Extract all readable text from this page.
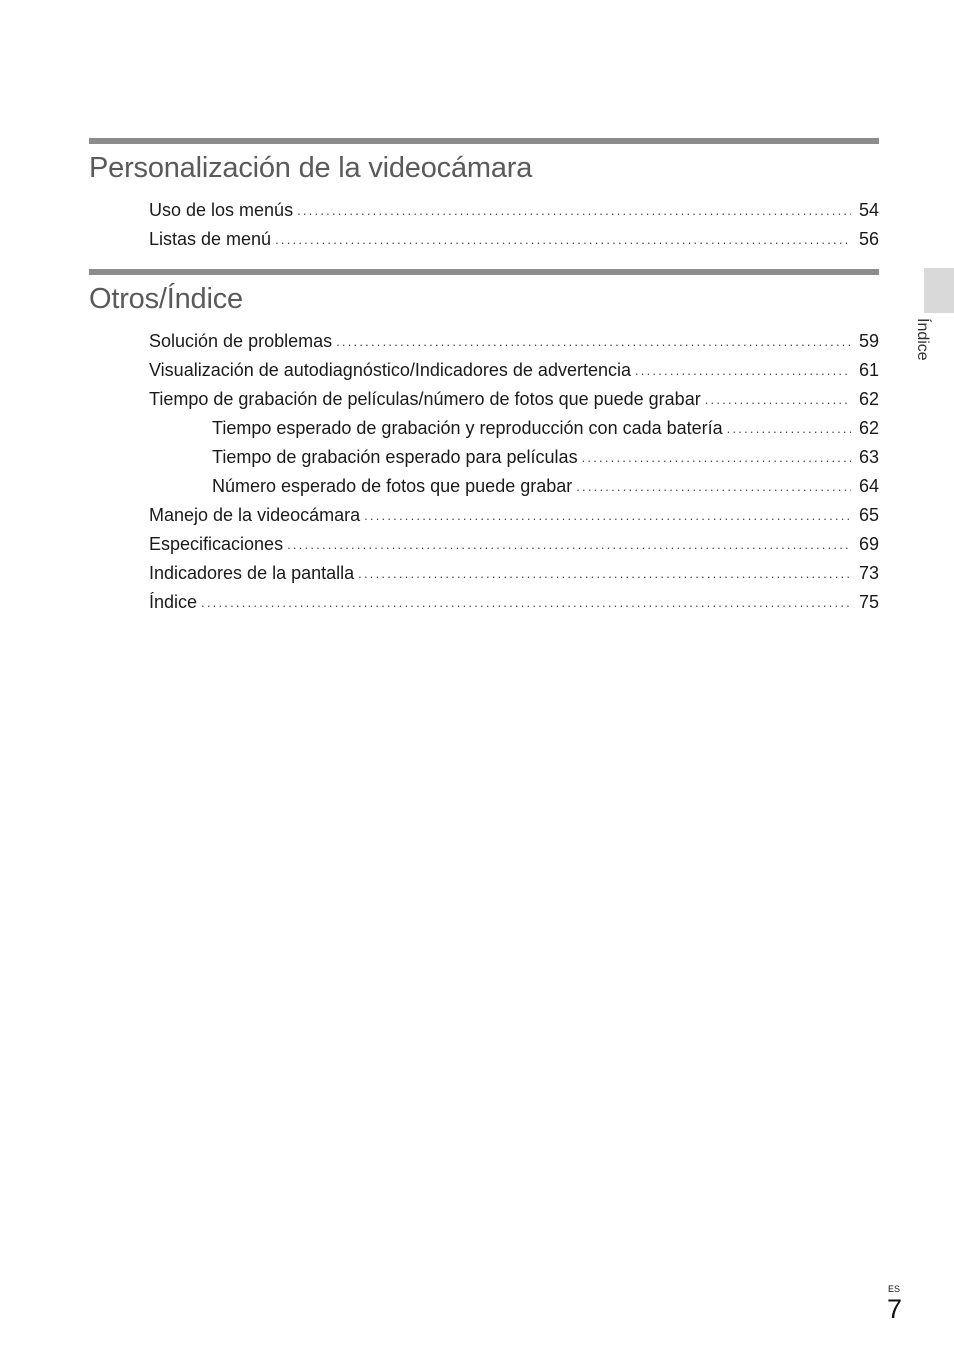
Personalización de la videocámara
Uso de los menús .....	54
Listas de menú .....	56
Otros/Índice
Solución de problemas .....	59
Visualización de autodiagnóstico/Indicadores de advertencia .....	61
Tiempo de grabación de películas/número de fotos que puede grabar .....	62
Tiempo esperado de grabación y reproducción con cada batería .....	62
Tiempo de grabación esperado para películas .....	63
Número esperado de fotos que puede grabar .....	64
Manejo de la videocámara .....	65
Especificaciones .....	69
Indicadores de la pantalla .....	73
Índice .....	75
Índice
ES
7
